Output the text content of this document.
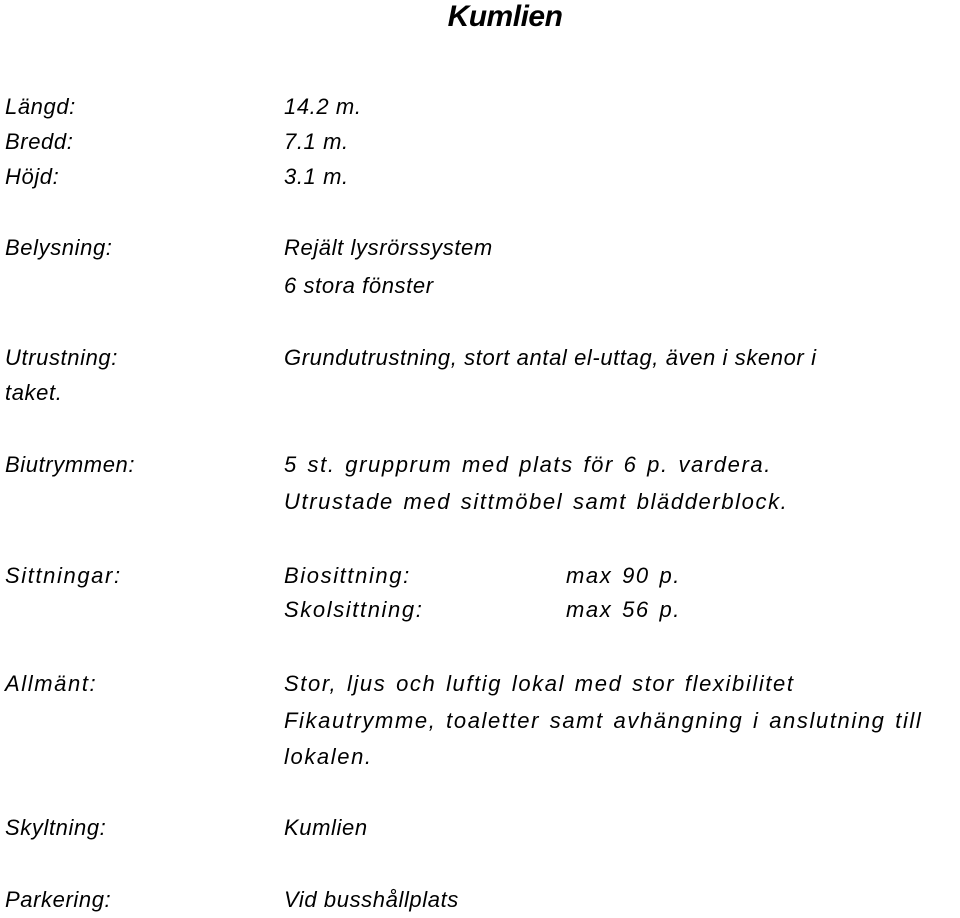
Kumlien
Längd:	14.2 m.
Bredd:	7.1 m.
Höjd:	3.1 m.
Belysning:	Rejält lysrörssystem
6 stora fönster
Utrustning:	Grundutrustning, stort antal el-uttag, även i skenor i
taket.
Biutrymmen:	5 st. grupprum med plats för 6 p. vardera.
Utrustade med sittmöbel samt blädderblock.
Sittningar:	Biosittning:	max 90 p.
Skolsittning:	max 56 p.
Allmänt:	Stor, ljus och luftig lokal med stor flexibilitet
Fikautrymme, toaletter samt avhängning i anslutning till
lokalen.
Skyltning:	Kumlien
Parkering:	Vid busshållplats
